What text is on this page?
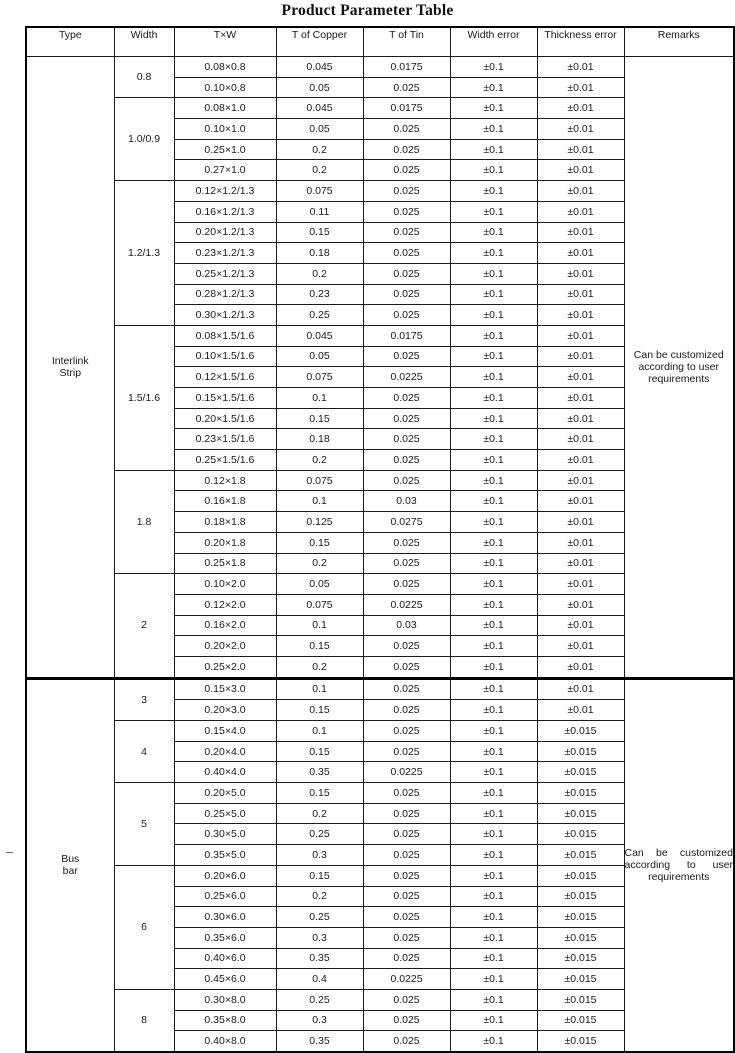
Product Parameter Table
Type	Width	T×W	T of Copper	T of Tin	Width error	Thickness error	Remarks

Interlink
Strip	0.8	0.08×0.8	0.045	0.0175	±0.1	±0.01	Can be customized according to user requirements
		0.10×0.8	0.05	0.025	±0.1	±0.01	
	1.0/0.9	0.08×1.0	0.045	0.0175	±0.1	±0.01	
		0.10×1.0	0.05	0.025	±0.1	±0.01	
		0.25×1.0	0.2	0.025	±0.1	±0.01	
		0.27×1.0	0.2	0.025	±0.1	±0.01	
	1.2/1.3	0.12×1.2/1.3	0.075	0.025	±0.1	±0.01	
		0.16×1.2/1.3	0.11	0.025	±0.1	±0.01	
		0.20×1.2/1.3	0.15	0.025	±0.1	±0.01	
		0.23×1.2/1.3	0.18	0.025	±0.1	±0.01	
		0.25×1.2/1.3	0.2	0.025	±0.1	±0.01	
		0.28×1.2/1.3	0.23	0.025	±0.1	±0.01	
		0.30×1.2/1.3	0.25	0.025	±0.1	±0.01	
	1.5/1.6	0.08×1.5/1.6	0.045	0.0175	±0.1	±0.01	
		0.10×1.5/1.6	0.05	0.025	±0.1	±0.01	
		0.12×1.5/1.6	0.075	0.0225	±0.1	±0.01	
		0.15×1.5/1.6	0.1	0.025	±0.1	±0.01	
		0.20×1.5/1.6	0.15	0.025	±0.1	±0.01	
		0.23×1.5/1.6	0.18	0.025	±0.1	±0.01	
		0.25×1.5/1.6	0.2	0.025	±0.1	±0.01	
	1.8	0.12×1.8	0.075	0.025	±0.1	±0.01	
		0.16×1.8	0.1	0.03	±0.1	±0.01	
		0.18×1.8	0.125	0.0275	±0.1	±0.01	
		0.20×1.8	0.15	0.025	±0.1	±0.01	
		0.25×1.8	0.2	0.025	±0.1	±0.01	
	2	0.10×2.0	0.05	0.025	±0.1	±0.01	
		0.12×2.0	0.075	0.0225	±0.1	±0.01	
		0.16×2.0	0.1	0.03	±0.1	±0.01	
		0.20×2.0	0.15	0.025	±0.1	±0.01	
		0.25×2.0	0.2	0.025	±0.1	±0.01	
Bus
bar	3	0.15×3.0	0.1	0.025	±0.1	±0.01	Can be customized according to user requirements
		0.20×3.0	0.15	0.025	±0.1	±0.01	
	4	0.15×4.0	0.1	0.025	±0.1	±0.015	
		0.20×4.0	0.15	0.025	±0.1	±0.015	
		0.40×4.0	0.35	0.0225	±0.1	±0.015	
	5	0.20×5.0	0.15	0.025	±0.1	±0.015	
		0.25×5.0	0.2	0.025	±0.1	±0.015	
		0.30×5.0	0.25	0.025	±0.1	±0.015	
		0.35×5.0	0.3	0.025	±0.1	±0.015	
	6	0.20×6.0	0.15	0.025	±0.1	±0.015	
		0.25×6.0	0.2	0.025	±0.1	±0.015	
		0.30×6.0	0.25	0.025	±0.1	±0.015	
		0.35×6.0	0.3	0.025	±0.1	±0.015	
		0.40×6.0	0.35	0.025	±0.1	±0.015	
		0.45×6.0	0.4	0.0225	±0.1	±0.015	
	8	0.30×8.0	0.25	0.025	±0.1	±0.015	
		0.35×8.0	0.3	0.025	±0.1	±0.015	
		0.40×8.0	0.35	0.025	±0.1	±0.015	
